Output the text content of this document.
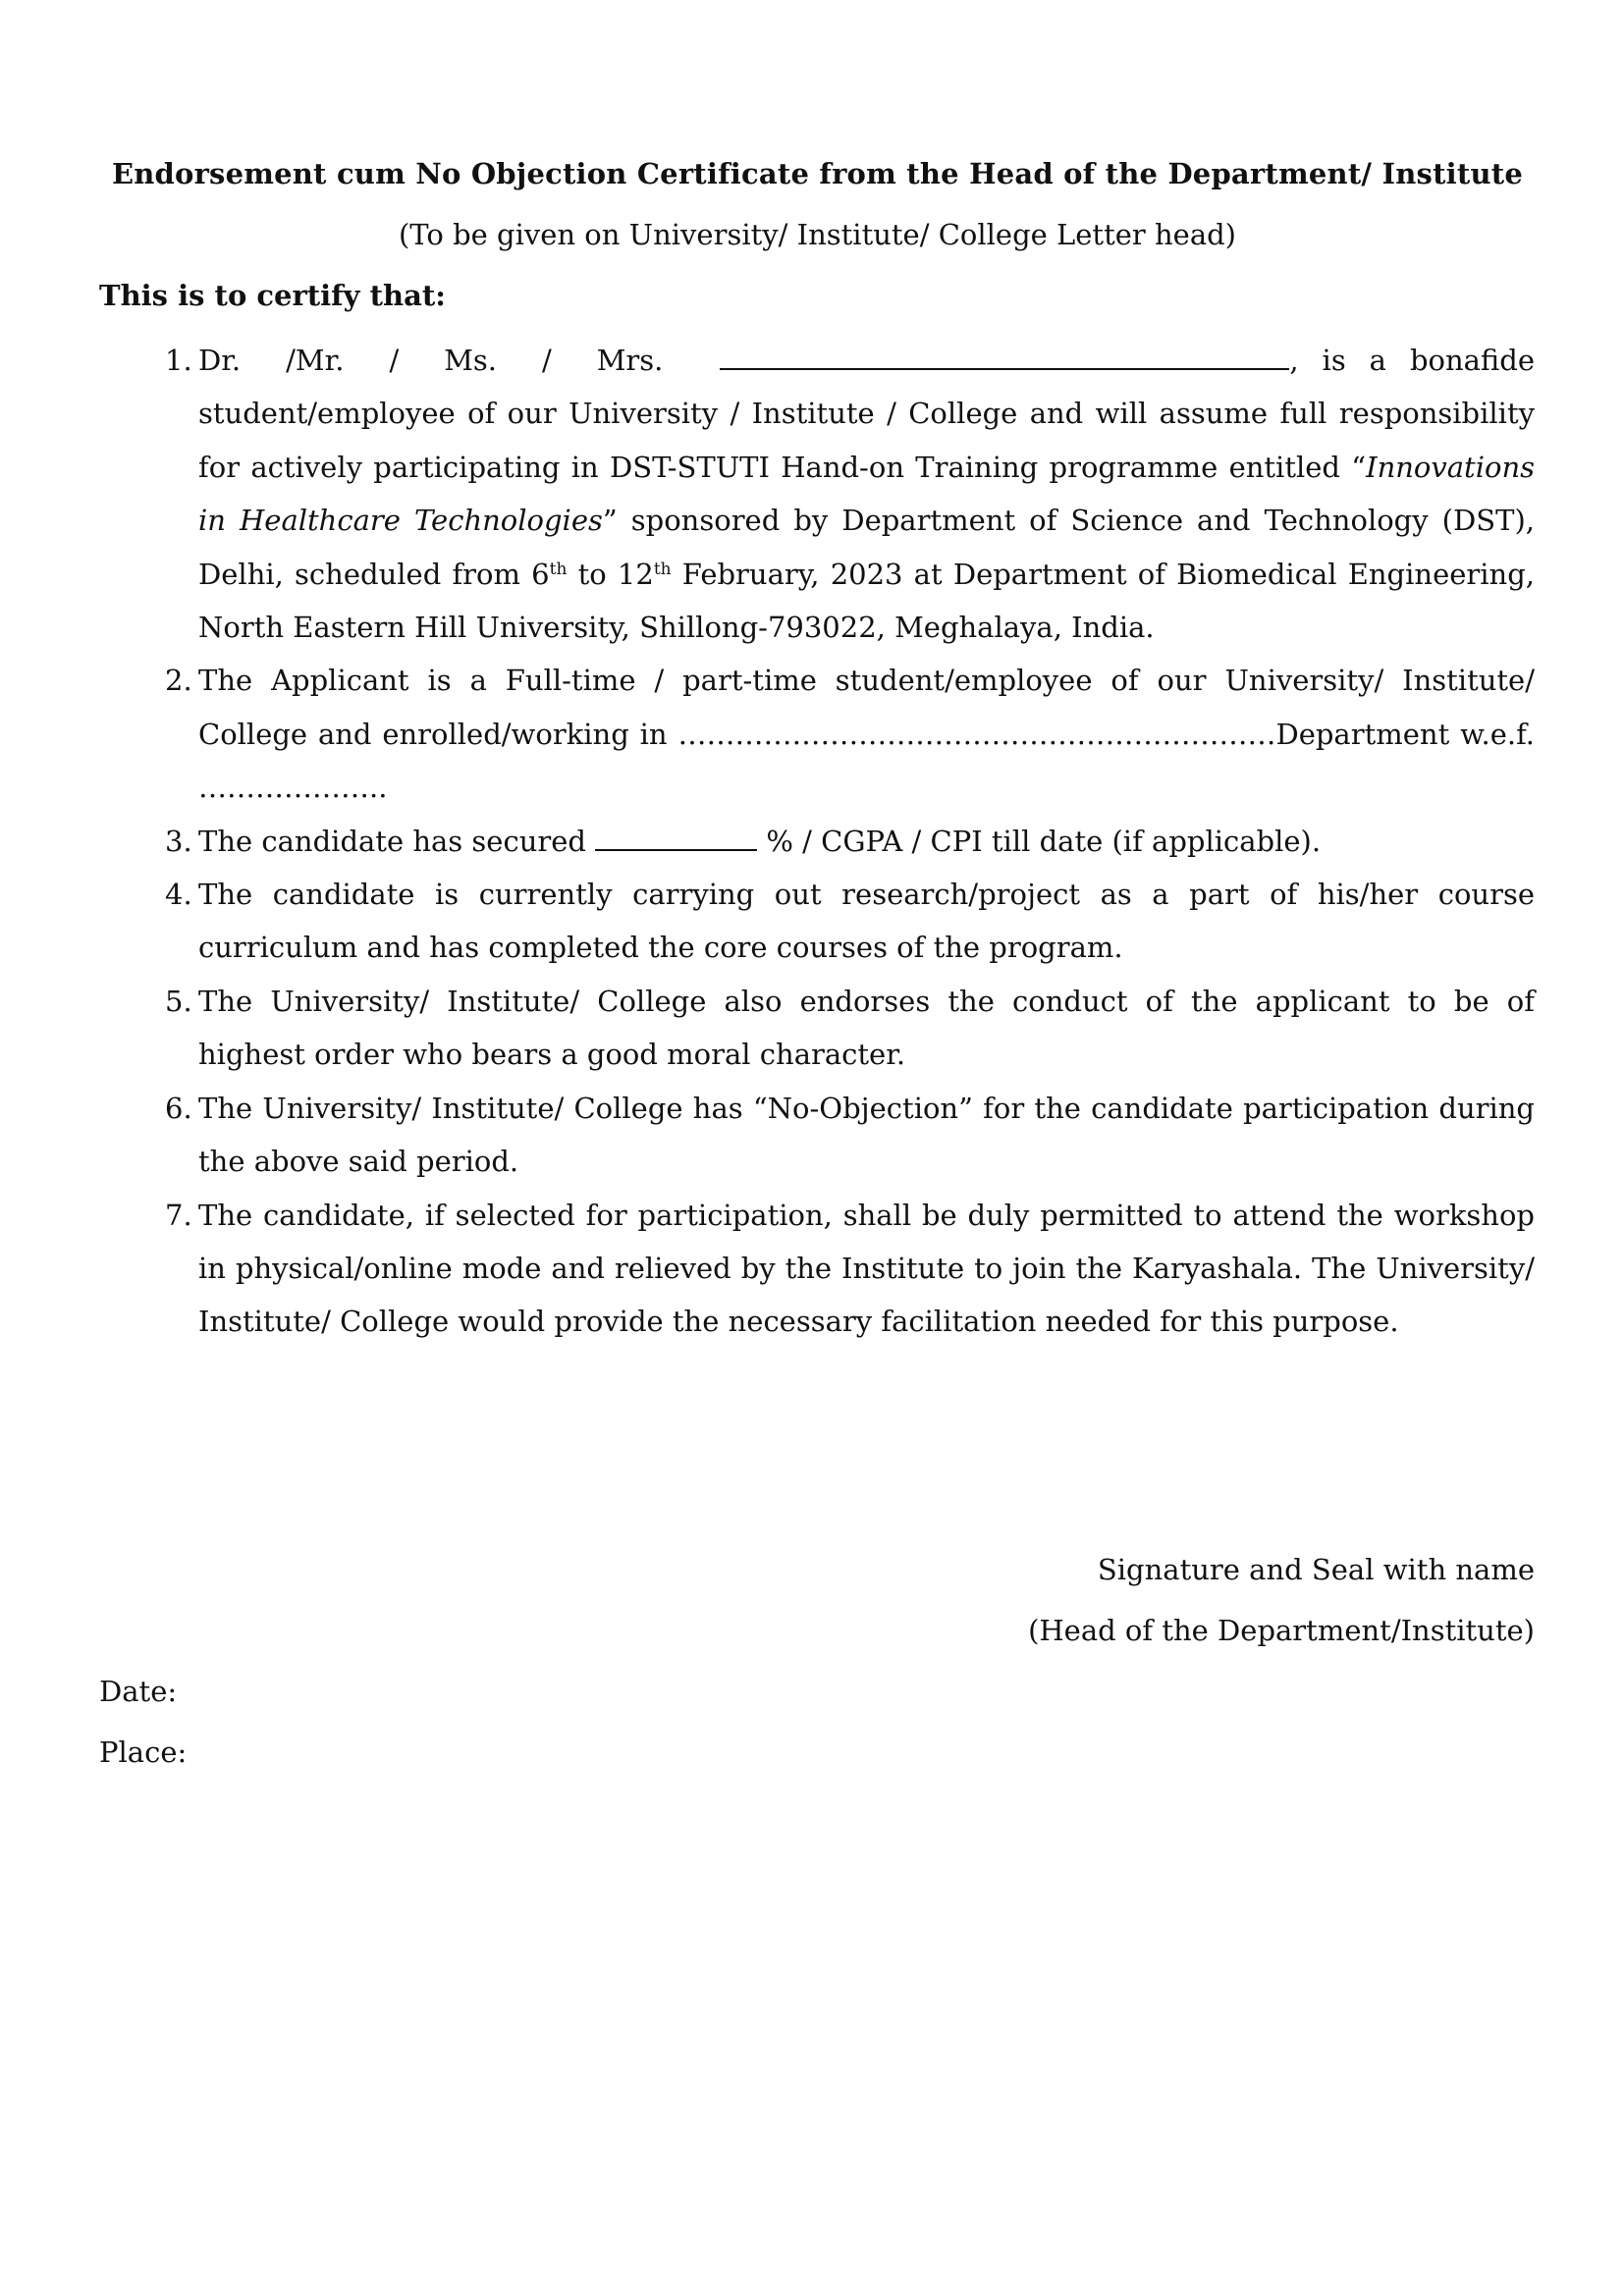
Endorsement cum No Objection Certificate from the Head of the Department/ Institute
(To be given on University/ Institute/ College Letter head)
This is to certify that:
1. Dr. /Mr. / Ms. / Mrs.	, is a bonafide student/employee of our University / Institute / College and will assume full responsibility for actively participating in DST-STUTI Hand-on Training programme entitled “Innovations in Healthcare Technologies” sponsored by Department of Science and Technology (DST), Delhi, scheduled from 6th to 12th February, 2023 at Department of Biomedical Engineering, North Eastern Hill University, Shillong-793022, Meghalaya, India.
2. The Applicant is a Full-time / part-time student/employee of our University/ Institute/ College and enrolled/working in ………………………………………………………Department w.e.f. ………………..
3. The candidate has secured	% / CGPA / CPI till date (if applicable).
4. The candidate is currently carrying out research/project as a part of his/her course curriculum and has completed the core courses of the program.
5. The University/ Institute/ College also endorses the conduct of the applicant to be of highest order who bears a good moral character.
6. The University/ Institute/ College has “No-Objection” for the candidate participation during the above said period.
7. The candidate, if selected for participation, shall be duly permitted to attend the workshop in physical/online mode and relieved by the Institute to join the Karyashala. The University/ Institute/ College would provide the necessary facilitation needed for this purpose.
Signature and Seal with name
(Head of the Department/Institute)
Date:
Place:
